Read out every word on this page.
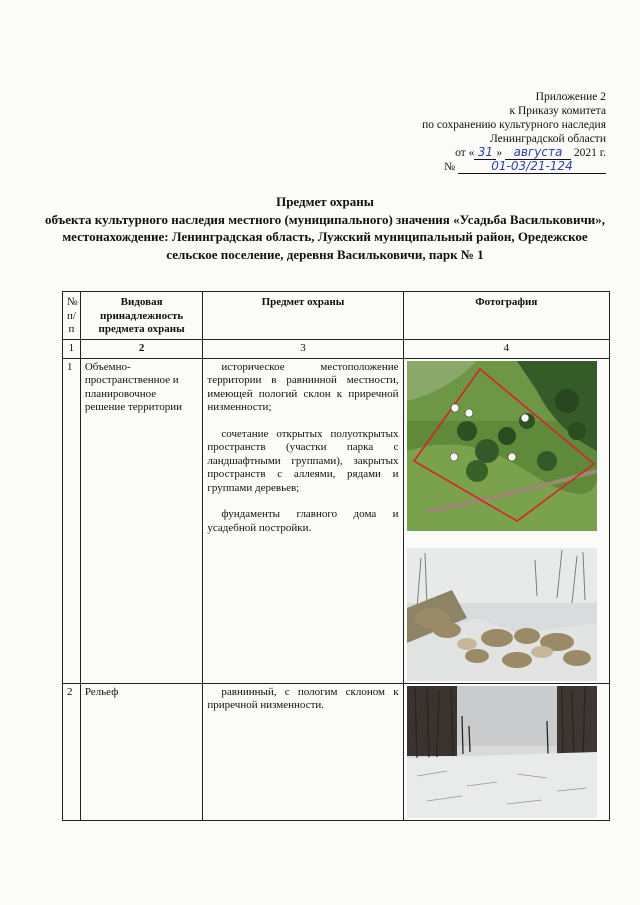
Приложение 2
к Приказу комитета
по сохранению культурного наследия
Ленинградской области
от « 31 » августа 2021 г.
№	01-03/21-124
Предмет охраны
объекта культурного наследия местного (муниципального) значения «Усадьба Васильковичи», местонахождение: Ленинградская область, Лужский муниципальный район, Оредежское сельское поселение, деревня Васильковичи, парк № 1
№ п/п	Видовая принадлежность предмета охраны	Предмет охраны	Фотография
1	2	3	4
1	Объемно-пространственное и планировочное решение территории	историческое местоположение территории в равнинной местности, имеющей пологий склон к приречной низменности;

сочетание открытых полуоткрытых пространств (участки парка с ландшафтными группами), закрытых пространств с аллеями, рядами и группами деревьев;

фундаменты главного дома и усадебной постройки.

2	Рельеф	равнинный, с пологим склоном к приречной низменности.
